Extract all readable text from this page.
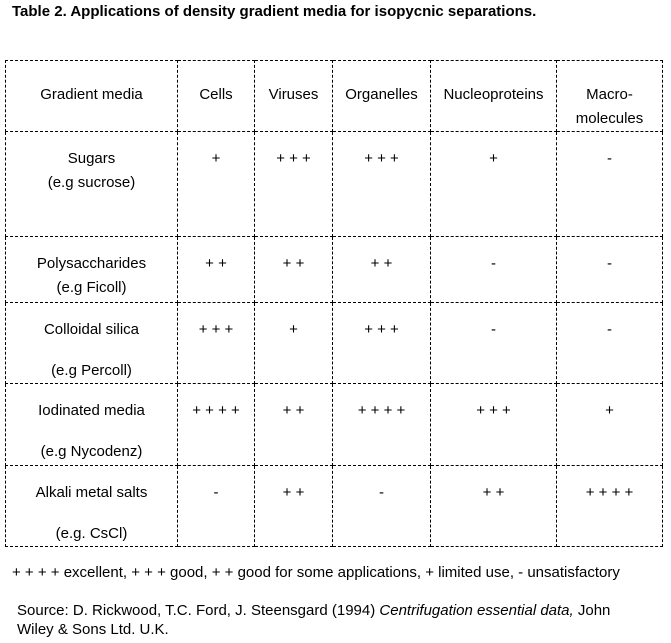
Table 2. Applications of density gradient media for isopycnic separations.
Gradient media	Cells	Viruses	Organelles	Nucleoproteins	Macro-
molecules

Sugars
(e.g sucrose)	+	+ + +	+ + +	+	-

Polysaccharides
(e.g Ficoll)	+ +	+ +	+ +	-	-

Colloidal silica
(e.g Percoll)	+ + +	+	+ + +	-	-

Iodinated media
(e.g Nycodenz)	+ + + +	+ +	+ + + +	+ + +	+

Alkali metal salts
(e.g. CsCl)	-	+ +	-	+ +	+ + + +
+ + + + excellent, + + + good, + + good for some applications, + limited use, - unsatisfactory
Source: D. Rickwood, T.C. Ford, J. Steensgard (1994) Centrifugation essential data, John Wiley & Sons Ltd. U.K.
